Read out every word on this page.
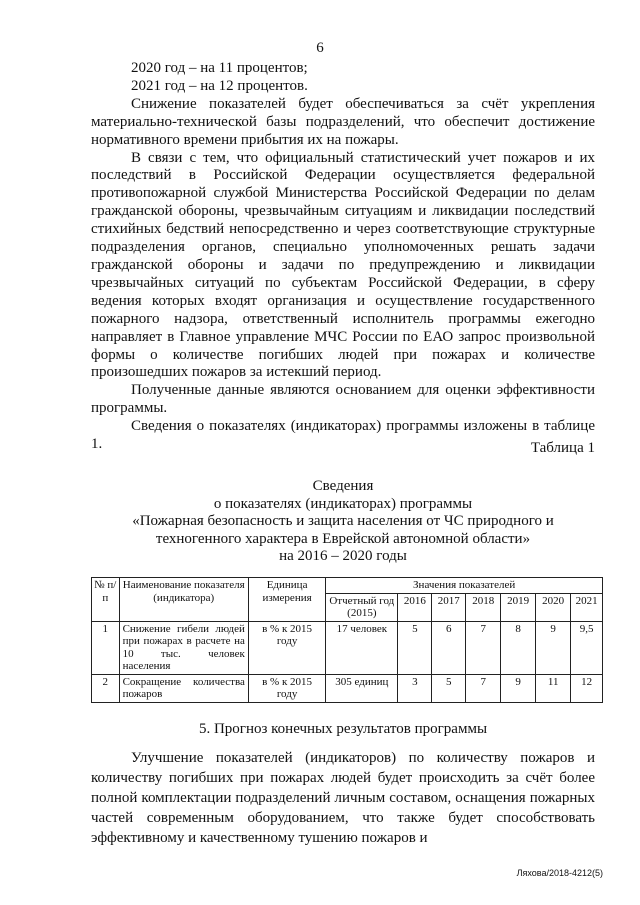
6

2020 год – на 11 процентов;

2021 год – на 12 процентов.

Снижение показателей будет обеспечиваться за счёт укрепления материально-технической базы подразделений, что обеспечит достижение нормативного времени прибытия их на пожары.

В связи с тем, что официальный статистический учет пожаров и их последствий в Российской Федерации осуществляется федеральной противопожарной службой Министерства Российской Федерации по делам гражданской обороны, чрезвычайным ситуациям и ликвидации последствий стихийных бедствий непосредственно и через соответствующие структурные подразделения органов, специально уполномоченных решать задачи гражданской обороны и задачи по предупреждению и ликвидации чрезвычайных ситуаций по субъектам Российской Федерации, в сферу ведения которых входят организация и осуществление государственного пожарного надзора, ответственный исполнитель программы ежегодно направляет в Главное управление МЧС России по ЕАО запрос произвольной формы о количестве погибших людей при пожарах и количестве произошедших пожаров за истекший период.

Полученные данные являются основанием для оценки эффективности программы.

Сведения о показателях (индикаторах) программы изложены в таблице 1.	Таблица 1
Сведения
о показателях (индикаторах) программы
«Пожарная безопасность и защита населения от ЧС природного и
техногенного характера в Еврейской автономной области»
на 2016 – 2020 годы
№ п/п	Наименование показателя (индикатора)	Единица измерения	Значения показателей						
			Отчетный год (2015)	2016	2017	2018	2019	2020	2021
1	Снижение гибели людей при пожарах в расчете на 10 тыс. человек населения	в % к 2015 году	17 человек	5	6	7	8	9	9,5
2	Сокращение количества пожаров	в % к 2015 году	305 единиц	3	5	7	9	11	12
5. Прогноз конечных результатов программы

Улучшение показателей (индикаторов) по количеству пожаров и количеству погибших при пожарах людей будет происходить за счёт более полной комплектации подразделений личным составом, оснащения пожарных частей современным оборудованием, что также будет способствовать эффективному и качественному тушению пожаров и

Ляхова/2018-4212(5)
